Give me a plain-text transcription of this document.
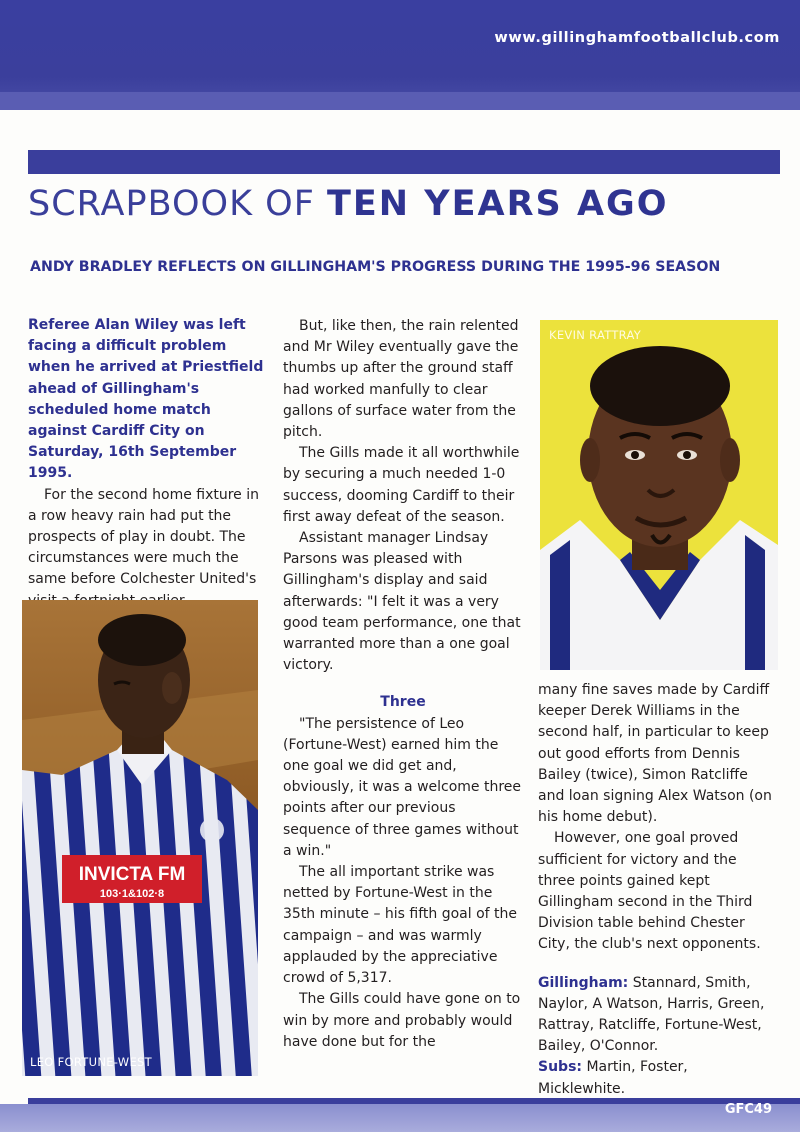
www.gillinghamfootballclub.com
SCRAPBOOK OF TEN YEARS AGO
ANDY BRADLEY REFLECTS ON GILLINGHAM'S PROGRESS DURING THE 1995-96 SEASON

Referee Alan Wiley was left facing a difficult problem when he arrived at Priestfield ahead of Gillingham's scheduled home match against Cardiff City on Saturday, 16th September 1995.

For the second home fixture in a row heavy rain had put the prospects of play in doubt. The circumstances were much the same before Colchester United's

INVICTA FM
103·1&102·8
LEO FORTUNE-WEST

But, like then, the rain relented and Mr Wiley eventually gave the thumbs up after the ground staff had worked manfully to clear gallons of surface water from the pitch.

The Gills made it all worthwhile by securing a much needed 1-0 success, dooming Cardiff to their first away defeat of the season.

Assistant manager Lindsay Parsons was pleased with Gillingham's display and said afterwards: "I felt it was a very good team performance, one that warranted more than a one goal victory.

Three

"The persistence of Leo (Fortune-West) earned him the one goal we did get and, obviously, it was a welcome three points after our previous sequence of three games without a win."

The all important strike was netted by Fortune-West in the 35th minute – his fifth goal of the campaign – and was warmly applauded by the appreciative crowd of 5,317.

The Gills could have gone on to win by more and probably would have done but for the

KEVIN RATTRAY

many fine saves made by Cardiff keeper Derek Williams in the second half, in particular to keep out good efforts from Dennis Bailey (twice), Simon Ratcliffe and loan signing Alex Watson (on his home debut).

However, one goal proved sufficient for victory and the three points gained kept Gillingham second in the Third Division table behind Chester City, the club's next opponents.

Gillingham: Stannard, Smith, Naylor, A Watson, Harris, Green, Rattray, Ratcliffe, Fortune-West, Bailey, O'Connor.

Subs: Martin, Foster, Micklewhite.

GFC49
